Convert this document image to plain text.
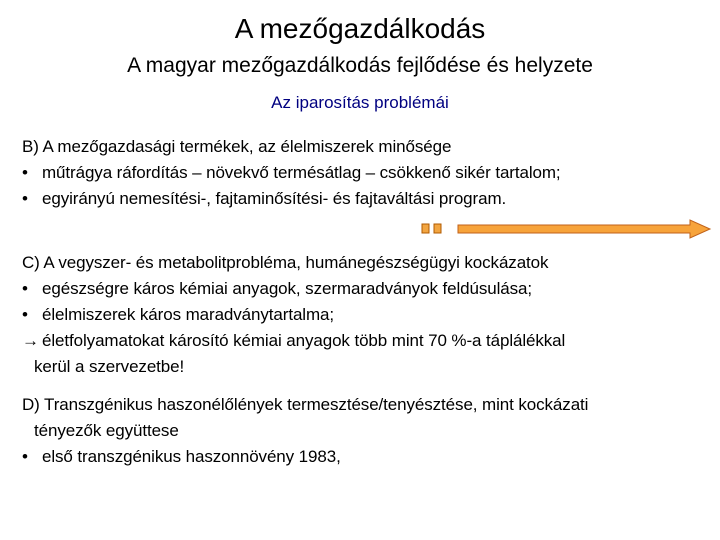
A mezőgazdálkodás
A magyar mezőgazdálkodás fejlődése és helyzete
Az iparosítás problémái
B) A mezőgazdasági termékek, az élelmiszerek minősége
• műtrágya ráfordítás – növekvő termésátlag – csökkenő sikér tartalom;
• egyirányú nemesítési-, fajtaminősítési- és fajtaváltási program.
C) A vegyszer- és metabolitprobléma, humánegészségügyi kockázatok
• egészségre káros kémiai anyagok, szermaradványok feldúsulása;
• élelmiszerek káros maradványtartalma;
→ életfolyamatokat károsító kémiai anyagok több mint 70 %-a táplálékkal
kerül a szervezetbe!
D) Transzgénikus haszonélőlények termesztése/tenyésztése, mint kockázati
tényezők együttese
• első transzgénikus haszonnövény 1983,
